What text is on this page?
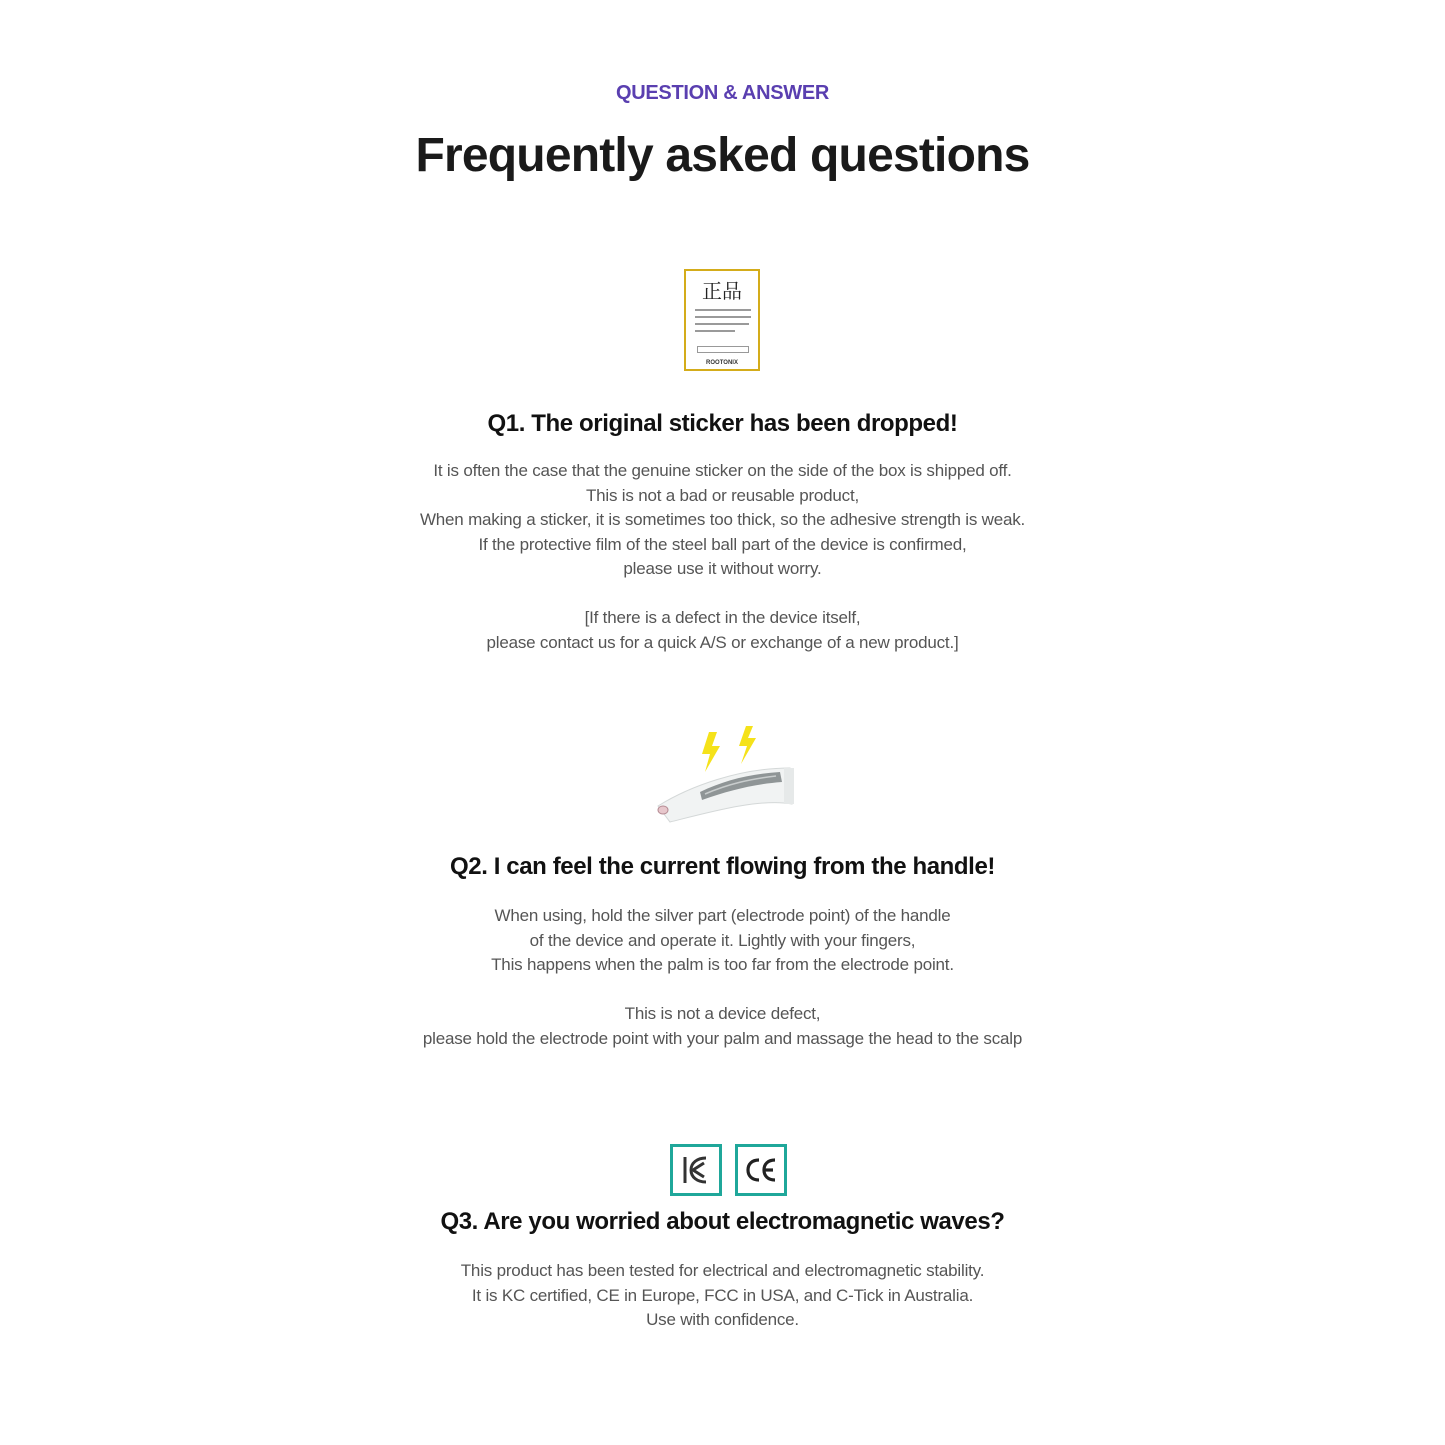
QUESTION & ANSWER
Frequently asked questions
正品
ROOTONIX
Q1. The original sticker has been dropped!

It is often the case that the genuine sticker on the side of the box is shipped off.

This is not a bad or reusable product,

When making a sticker, it is sometimes too thick, so the adhesive strength is weak.

If the protective film of the steel ball part of the device is confirmed,

please use it without worry.

[If there is a defect in the device itself,

please contact us for a quick A/S or exchange of a new product.]

Q2. I can feel the current flowing from the handle!

When using, hold the silver part (electrode point) of the handle

of the device and operate it. Lightly with your fingers,

This happens when the palm is too far from the electrode point.

This is not a device defect,

please hold the electrode point with your palm and massage the head to the scalp

Q3. Are you worried about electromagnetic waves?

This product has been tested for electrical and electromagnetic stability.

It is KC certified, CE in Europe, FCC in USA, and C-Tick in Australia.

Use with confidence.
